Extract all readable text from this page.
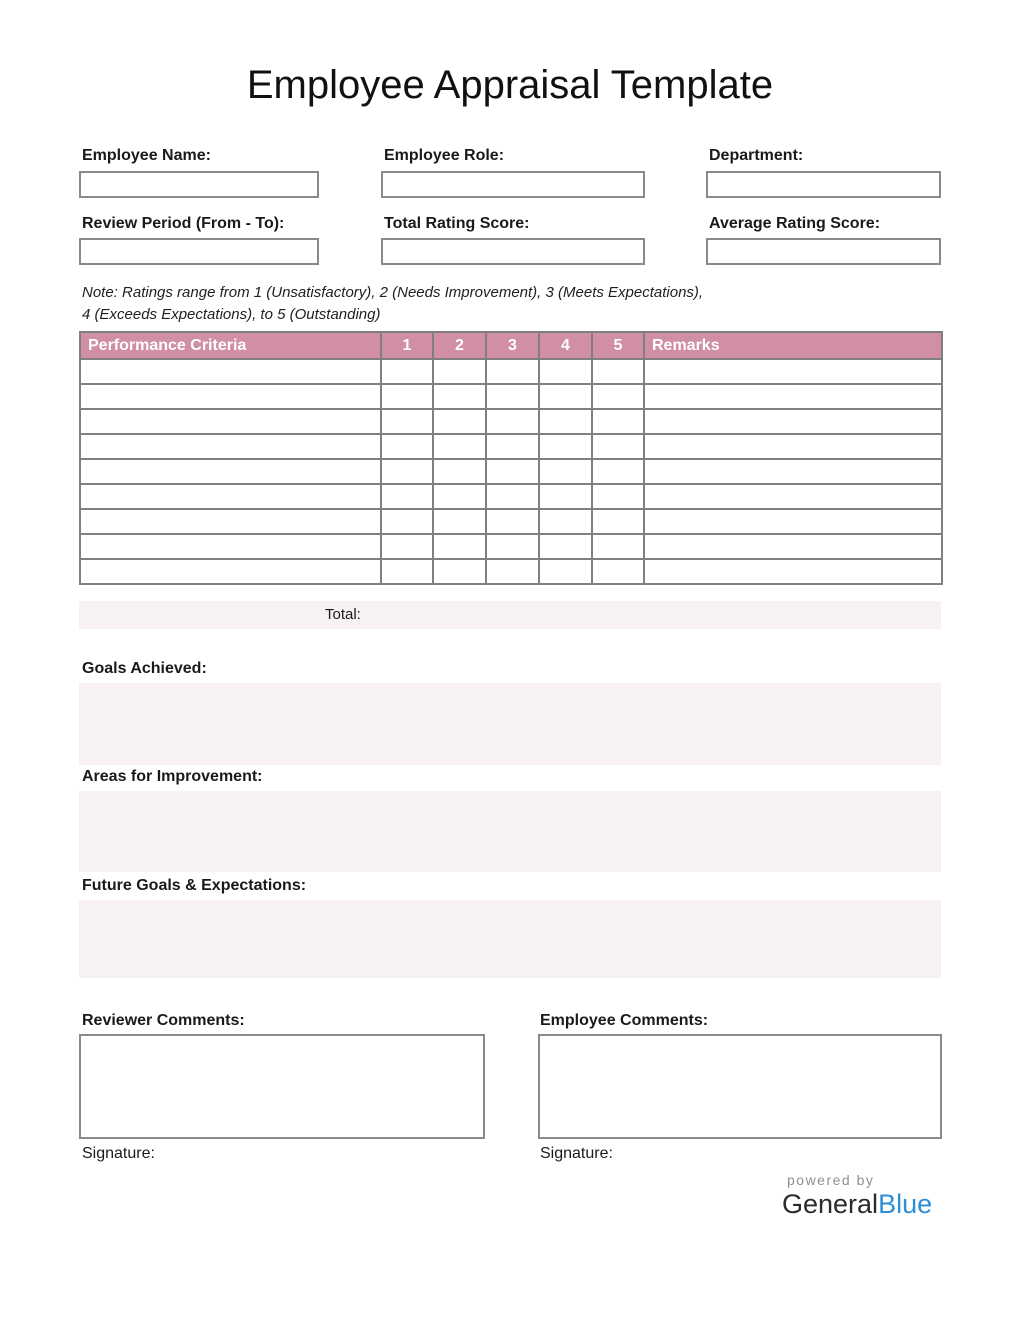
Employee Appraisal Template
Employee Name:	Employee Role:	Department:
Review Period (From - To):	Total Rating Score:	Average Rating Score:
Note: Ratings range from 1 (Unsatisfactory), 2 (Needs Improvement), 3 (Meets Expectations),
4 (Exceeds Expectations), to 5 (Outstanding)
Performance Criteria	1	2	3	4	5	Remarks

Total:
Goals Achieved:
Areas for Improvement:
Future Goals & Expectations:
Reviewer Comments:
Signature:
Employee Comments:
Signature:
powered by
GeneralBlue
